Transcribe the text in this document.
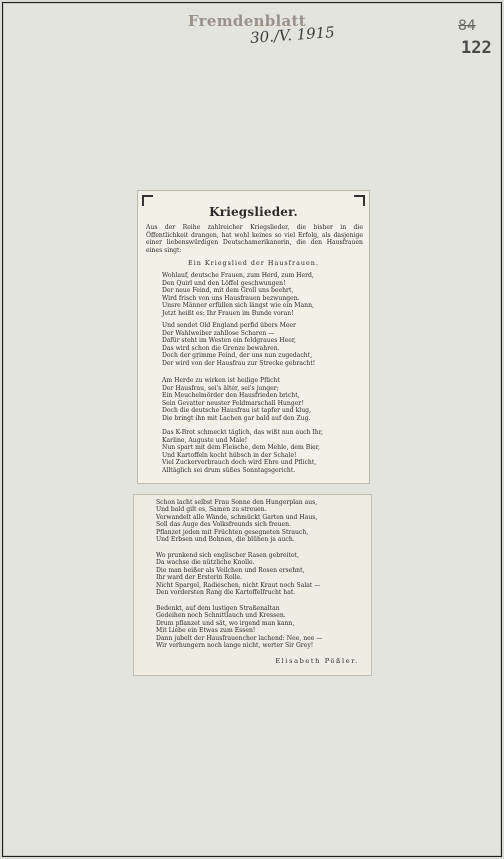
Fremdenblatt
30./V. 1915	84
122
Kriegslieder.

Aus der Reihe zahlreicher Kriegslieder, die bisher in die Öffentlichkeit drangen, hat wohl keines so viel Erfolg, als dasjenige einer liebenswürdigen Deutschamerikanerin, die den Hausfrauen eines singt:

Ein Kriegslied der Hausfrauen.

Wohlauf, deutsche Frauen, zum Herd, zum Herd,
Den Quirl und den Löffel geschwungen!
Der neue Feind, mit dem Groll uns beehrt,
Wird frisch von uns Hausfrauen bezwungen.
Unsre Männer erfüllen sich längst wie ein Mann,
Jetzt heißt es: Ihr Frauen im Bunde voran!

Und sendet Old England perfid übers Meer
Der Wahlweiber zahllose Scharen —
Dafür steht im Westen ein feldgraues Heer,
Das wird schon die Grenze bewahren.
Doch der grimme Feind, der uns nun zugedacht,
Der wird von der Hausfrau zur Strecke gebracht!

Am Herde zu wirken ist heilige Pflicht
Der Hausfrau, sei's älter, sei's junger;
Ein Meuchelmörder den Hausfrieden bricht,
Sein Gevatter neuster Feldmarschall Hunger!
Doch die deutsche Hausfrau ist tapfer und klug,
Die bringt ihn mit Lachen gar bald auf den Zug.

Das K-Brot schmeckt täglich, das wißt nun auch Ihr,
Karline, Auguste und Male!
Nun spart mit dem Fleische, dem Mehle, dem Bier,
Und Kartoffeln kocht hübsch in der Schale!
Viel Zuckerverbrauch doch wird Ehre und Pflicht,
Alltäglich sei drum süßes Sonntagsgericht.

Schon lacht selbst Frau Sonne den Hungerplan aus,
Und bald gilt es, Samen zu streuen.
Verwandelt alle Wände, schmückt Garten und Haus,
Soll das Auge des Volksfreunds sich freuen.
Pflanzet jeden mit Früchten gesegneten Strauch,
Und Erbsen und Bohnen, die blühen ja auch.

Wo prunkend sich englischer Rasen gebreitet,
Da wachse die nützliche Knolle.
Die man heißer als Veilchen und Rosen ersehnt,
Ihr ward der Ersterin Rolle.
Nicht Spargel, Radieschen, nicht Kraut noch Salat —
Den vordersten Rang die Kartoffelfrucht hat.

Bedenkt, auf dem lustigen Straßenaltan
Gedeihen noch Schnittlauch und Kressen.
Drum pflanzet und sät, wo irgend man kann,
Mit Liebe ein Etwas zum Essen!
Dann jubelt der Hausfrauenchor lachend: Nee, nee —
Wir verhungern noch lange nicht, werter Sir Grey!

Elisabeth Pößler.
